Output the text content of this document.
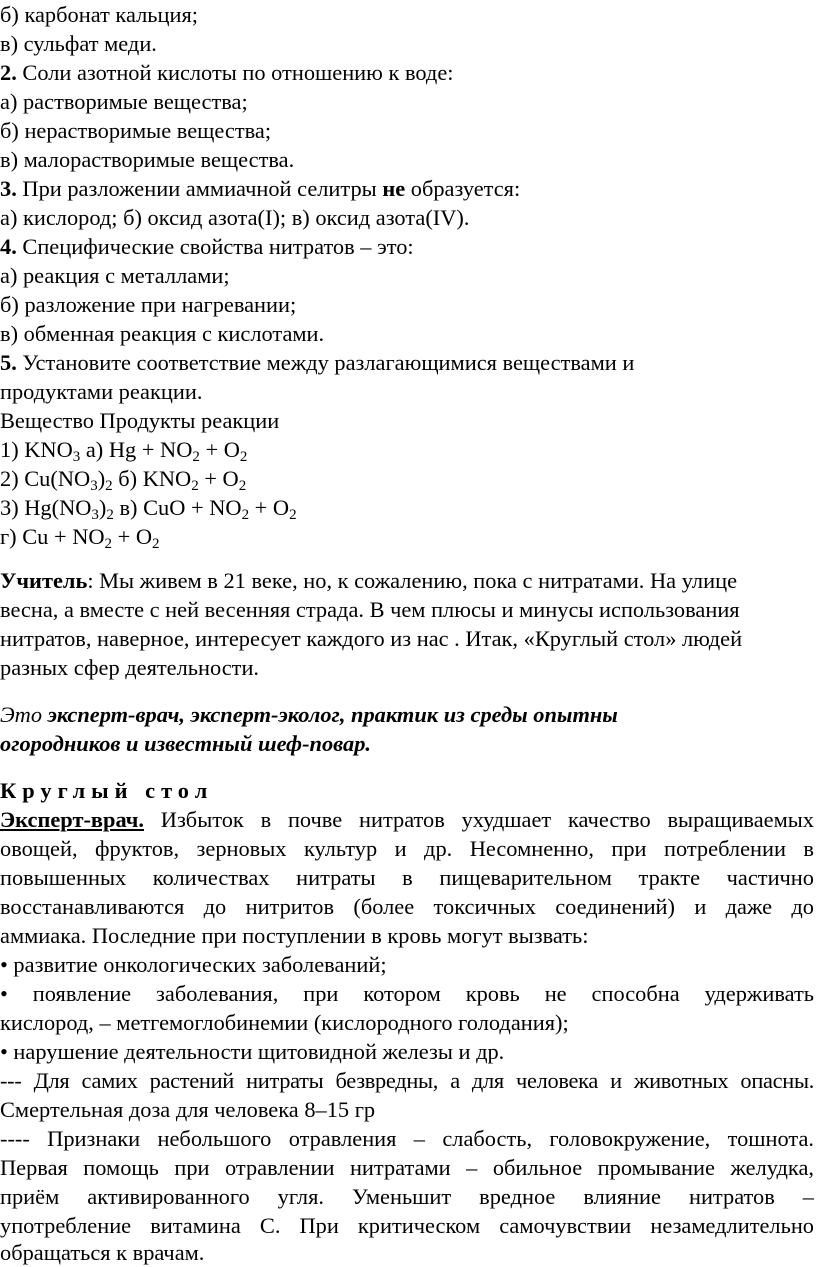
б) карбонат кальция;
в) сульфат меди.
2. Соли азотной кислоты по отношению к воде:
а) растворимые вещества;
б) нерастворимые вещества;
в) малорастворимые вещества.
3. При разложении аммиачной селитры не образуется:
а) кислород; б) оксид азота(I); в) оксид азота(IV).
4. Специфические свойства нитратов – это:
а) реакция с металлами;
б) разложение при нагревании;
в) обменная реакция с кислотами.
5. Установите соответствие между разлагающимися веществами и
продуктами реакции.
Вещество Продукты реакции
1) $KNO_3$ а) $Hg + NO_2 + O_2$
2) $Cu(NO_3)_2$ б) $KNO_2 + O_2$
3) $Hg(NO_3)_2$ в) CuO + $NO_2 + O_2$
г) $Cu + NO_2 + O_2$
Учитель: Мы живем в 21 веке, но, к сожалению, пока с нитратами. На улице
весна, а вместе с ней весенняя страда. В чем плюсы и минусы использования
нитратов, наверное, интересует каждого из нас . Итак, «Круглый стол» людей
разных сфер деятельности.
Это эксперт-врач, эксперт-эколог, практик из среды опытны
огородников и известный шеф-повар.
Круглый стол
Эксперт-врач. Избыток в почве нитратов ухудшает качество выращиваемых
овощей, фруктов, зерновых культур и др. Несомненно, при потреблении в
повышенных количествах нитраты в пищеварительном тракте частично
восстанавливаются до нитритов (более токсичных соединений) и даже до
аммиака. Последние при поступлении в кровь могут вызвать:
• развитие онкологических заболеваний;
• появление заболевания, при котором кровь не способна удерживать
кислород, – метгемоглобинемии (кислородного голодания);
• нарушение деятельности щитовидной железы и др.
--- Для самих растений нитраты безвредны, а для человека и животных опасны.
Смертельная доза для человека 8–15 гр
---- Признаки небольшого отравления – слабость, головокружение, тошнота.
Первая помощь при отравлении нитратами – обильное промывание желудка,
приём активированного угля. Уменьшит вредное влияние нитратов –
употребление витамина С. При критическом самочувствии незамедлительно
обращаться к врачам.
